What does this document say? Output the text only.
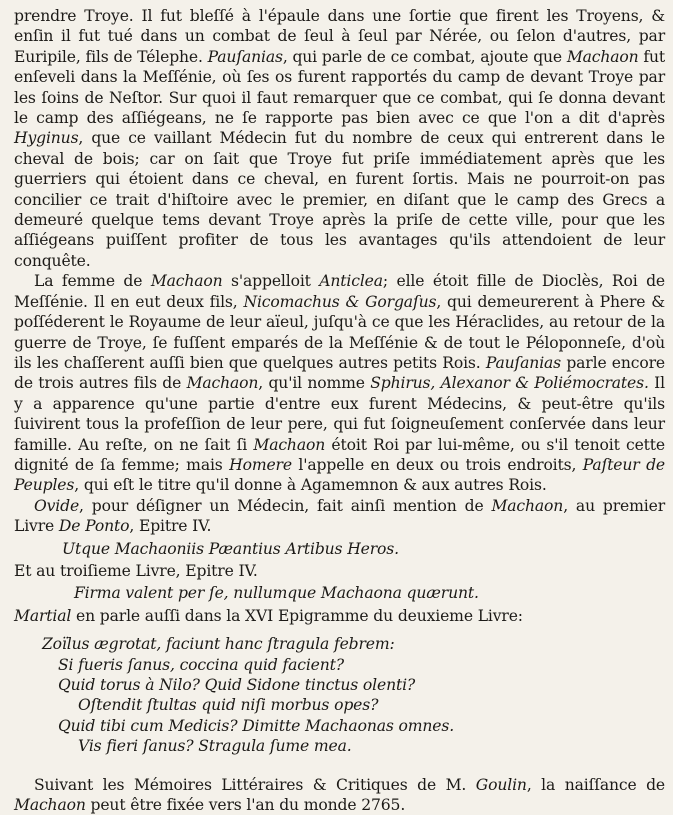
prendre Troye. Il fut bleſſé à l'épaule dans une ſortie que firent les Troyens, & enſin il fut tué dans un combat de ſeul à ſeul par Nérée, ou ſelon d'autres, par Euripile, fils de Télephe. Pauſanias, qui parle de ce combat, ajoute que Machaon fut enſeveli dans la Meſſénie, où ſes os furent rapportés du camp de devant Troye par les ſoins de Neſtor. Sur quoi il faut remarquer que ce combat, qui ſe donna devant le camp des aſſiégeans, ne ſe rapporte pas bien avec ce que l'on a dit d'après Hyginus, que ce vaillant Médecin fut du nombre de ceux qui entrerent dans le cheval de bois; car on ſait que Troye fut priſe immédiatement après que les guerriers qui étoient dans ce cheval, en furent ſortis. Mais ne pourroit-on pas concilier ce trait d'hiſtoire avec le premier, en diſant que le camp des Grecs a demeuré quelque tems devant Troye après la priſe de cette ville, pour que les aſſiégeans puiſſent profiter de tous les avantages qu'ils attendoient de leur conquête.

La femme de Machaon s'appelloit Anticlea; elle étoit fille de Dioclès, Roi de Meſſénie. Il en eut deux fils, Nicomachus & Gorgaſus, qui demeurerent à Phere & poſſéderent le Royaume de leur aïeul, juſqu'à ce que les Héraclides, au retour de la guerre de Troye, ſe fuſſent emparés de la Meſſénie & de tout le Péloponneſe, d'où ils les chaſſerent auſſi bien que quelques autres petits Rois. Pauſanias parle encore de trois autres fils de Machaon, qu'il nomme Sphirus, Alexanor & Poliémocrates. Il y a apparence qu'une partie d'entre eux furent Médecins, & peut-être qu'ils ſuivirent tous la profeſſion de leur pere, qui fut ſoigneuſement conſervée dans leur famille. Au reſte, on ne ſait ſi Machaon étoit Roi par lui-même, ou s'il tenoit cette dignité de ſa femme; mais Homere l'appelle en deux ou trois endroits, Paſteur de Peuples, qui eſt le titre qu'il donne à Agamemnon & aux autres Rois.

Ovide, pour déſigner un Médecin, fait ainſi mention de Machaon, au premier Livre De Ponto, Epitre IV.

Utque Machaoniis Pæantius Artibus Heros.

Et au troiſieme Livre, Epitre IV.

Firma valent per ſe, nullumque Machaona quærunt.

Martial en parle auſſi dans la XVI Epigramme du deuxieme Livre:

Zoïlus ægrotat, faciunt hanc ſtragula febrem:
Si fueris ſanus, coccina quid facient?
Quid torus à Nilo? Quid Sidone tinctus olenti?
Oſtendit ſtultas quid niſi morbus opes?
Quid tibi cum Medicis? Dimitte Machaonas omnes.
Vis fieri ſanus? Stragula ſume mea.

Suivant les Mémoires Littéraires & Critiques de M. Goulin, la naiſſance de Machaon peut être fixée vers l'an du monde 2765.
